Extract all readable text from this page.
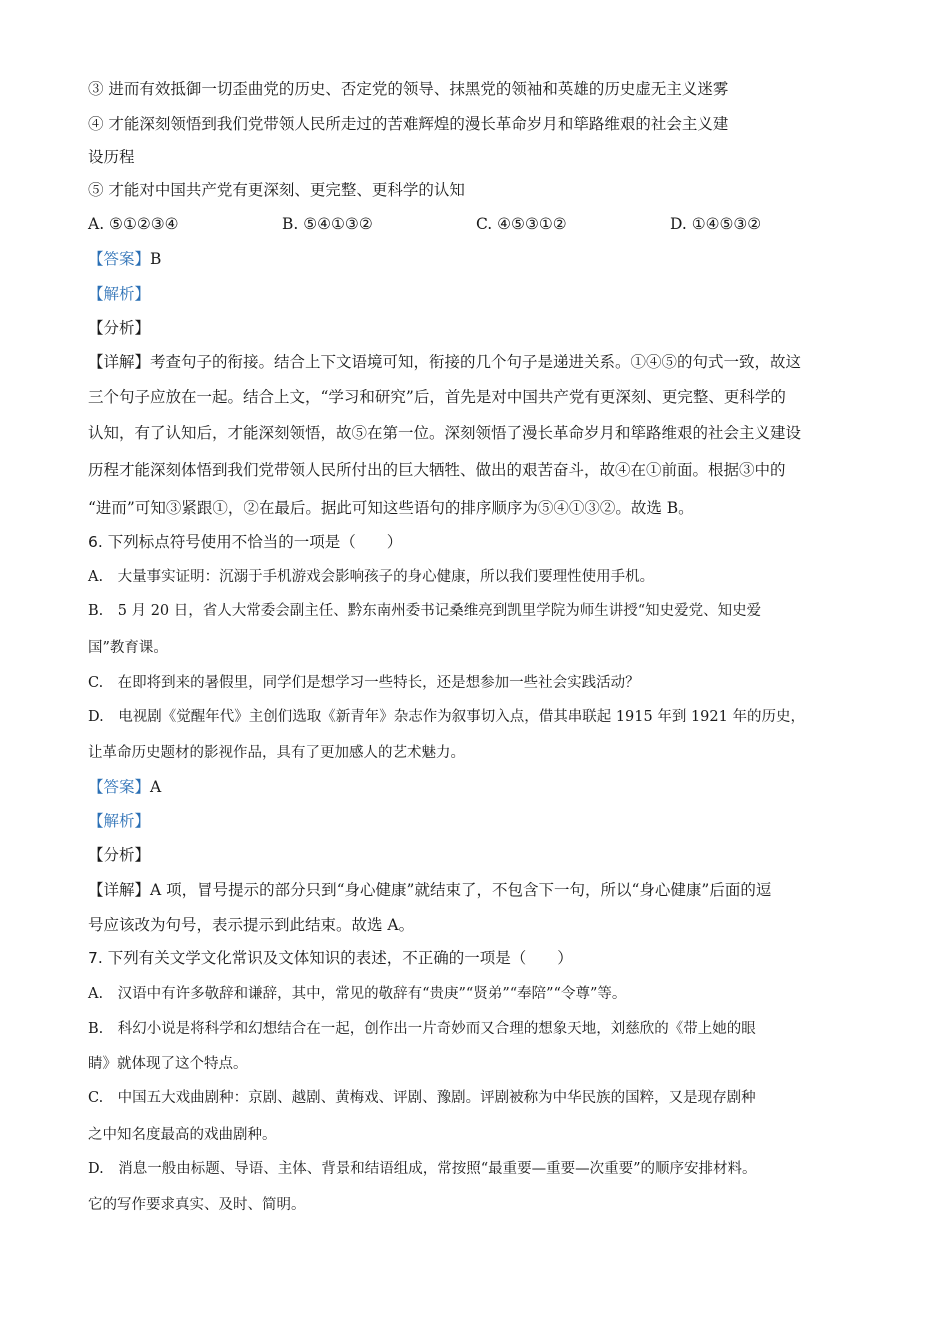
③ 进而有效抵御一切歪曲党的历史、否定党的领导、抹黑党的领袖和英雄的历史虚无主义迷雾
④ 才能深刻领悟到我们党带领人民所走过的苦难辉煌的漫长革命岁月和筚路维艰的社会主义建
设历程
⑤ 才能对中国共产党有更深刻、更完整、更科学的认知
A. ⑤①②③④	B. ⑤④①③②	C. ④⑤③①②	D. ①④⑤③②
【答案】B
【解析】
【分析】
【详解】考查句子的衔接。结合上下文语境可知，衔接的几个句子是递进关系。①④⑤的句式一致，故这
三个句子应放在一起。结合上文，“学习和研究”后，首先是对中国共产党有更深刻、更完整、更科学的
认知，有了认知后，才能深刻领悟，故⑤在第一位。深刻领悟了漫长革命岁月和筚路维艰的社会主义建设
历程才能深刻体悟到我们党带领人民所付出的巨大牺牲、做出的艰苦奋斗，故④在①前面。根据③中的
“进而”可知③紧跟①，②在最后。据此可知这些语句的排序顺序为⑤④①③②。故选 B。
6. 下列标点符号使用不恰当的一项是（　　）
A.　大量事实证明：沉溺于手机游戏会影响孩子的身心健康，所以我们要理性使用手机。
B.　5 月 20 日，省人大常委会副主任、黔东南州委书记桑维亮到凯里学院为师生讲授“知史爱党、知史爱
国”教育课。
C.　在即将到来的暑假里，同学们是想学习一些特长，还是想参加一些社会实践活动？
D.　电视剧《觉醒年代》主创们选取《新青年》杂志作为叙事切入点，借其串联起 1915 年到 1921 年的历史，
让革命历史题材的影视作品，具有了更加感人的艺术魅力。
【答案】A
【解析】
【分析】
【详解】A 项，冒号提示的部分只到“身心健康”就结束了，不包含下一句，所以“身心健康”后面的逗
号应该改为句号，表示提示到此结束。故选 A。
7. 下列有关文学文化常识及文体知识的表述，不正确的一项是（　　）
A.　汉语中有许多敬辞和谦辞，其中，常见的敬辞有“贵庚”“贤弟”“奉陪”“令尊”等。
B.　科幻小说是将科学和幻想结合在一起，创作出一片奇妙而又合理的想象天地，刘慈欣的《带上她的眼
睛》就体现了这个特点。
C.　中国五大戏曲剧种：京剧、越剧、黄梅戏、评剧、豫剧。评剧被称为中华民族的国粹，又是现存剧种
之中知名度最高的戏曲剧种。
D.　消息一般由标题、导语、主体、背景和结语组成，常按照“最重要—重要—次重要”的顺序安排材料。
它的写作要求真实、及时、简明。
